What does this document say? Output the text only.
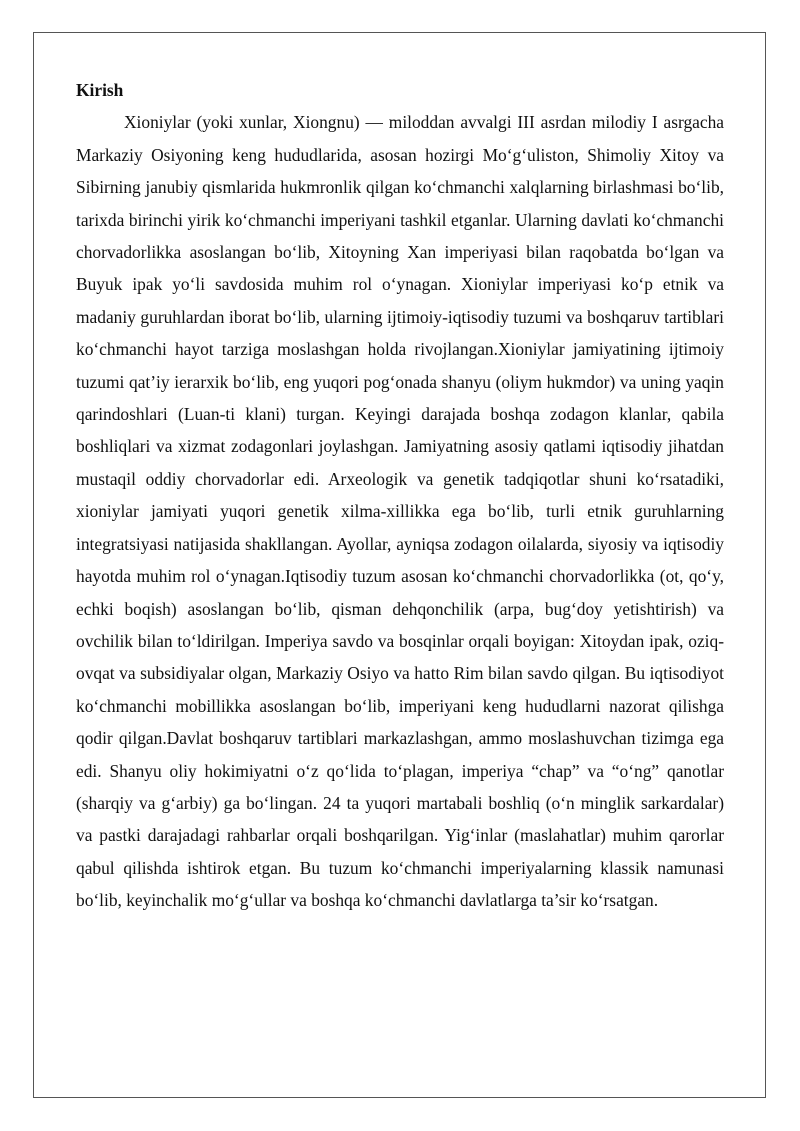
Kirish

Xioniylar (yoki xunlar, Xiongnu) — miloddan avvalgi III asrdan milodiy I asrgacha Markaziy Osiyoning keng hududlarida, asosan hozirgi Mo‘g‘uliston, Shimoliy Xitoy va Sibirning janubiy qismlarida hukmronlik qilgan ko‘chmanchi xalqlarning birlashmasi bo‘lib, tarixda birinchi yirik ko‘chmanchi imperiyani tashkil etganlar. Ularning davlati ko‘chmanchi chorvadorlikka asoslangan bo‘lib, Xitoyning Xan imperiyasi bilan raqobatda bo‘lgan va Buyuk ipak yo‘li savdosida muhim rol o‘ynagan. Xioniylar imperiyasi ko‘p etnik va madaniy guruhlardan iborat bo‘lib, ularning ijtimoiy-iqtisodiy tuzumi va boshqaruv tartiblari ko‘chmanchi hayot tarziga moslashgan holda rivojlangan.Xioniylar jamiyatining ijtimoiy tuzumi qat’iy ierarxik bo‘lib, eng yuqori pog‘onada shanyu (oliym hukmdor) va uning yaqin qarindoshlari (Luan-ti klani) turgan. Keyingi darajada boshqa zodagon klanlar, qabila boshliqlari va xizmat zodagonlari joylashgan. Jamiyatning asosiy qatlami iqtisodiy jihatdan mustaqil oddiy chorvadorlar edi. Arxeologik va genetik tadqiqotlar shuni ko‘rsatadiki, xioniylar jamiyati yuqori genetik xilma-xillikka ega bo‘lib, turli etnik guruhlarning integratsiyasi natijasida shakllangan. Ayollar, ayniqsa zodagon oilalarda, siyosiy va iqtisodiy hayotda muhim rol o‘ynagan.Iqtisodiy tuzum asosan ko‘chmanchi chorvadorlikka (ot, qo‘y, echki boqish) asoslangan bo‘lib, qisman dehqonchilik (arpa, bug‘doy yetishtirish) va ovchilik bilan to‘ldirilgan. Imperiya savdo va bosqinlar orqali boyigan: Xitoydan ipak, oziq-ovqat va subsidiyalar olgan, Markaziy Osiyo va hatto Rim bilan savdo qilgan. Bu iqtisodiyot ko‘chmanchi mobillikka asoslangan bo‘lib, imperiyani keng hududlarni nazorat qilishga qodir qilgan.Davlat boshqaruv tartiblari markazlashgan, ammo moslashuvchan tizimga ega edi. Shanyu oliy hokimiyatni o‘z qo‘lida to‘plagan, imperiya “chap” va “o‘ng” qanotlar (sharqiy va g‘arbiy) ga bo‘lingan. 24 ta yuqori martabali boshliq (o‘n minglik sarkardalar) va pastki darajadagi rahbarlar orqali boshqarilgan. Yig‘inlar (maslahatlar) muhim qarorlar qabul qilishda ishtirok etgan. Bu tuzum ko‘chmanchi imperiyalarning klassik namunasi bo‘lib, keyinchalik mo‘g‘ullar va boshqa ko‘chmanchi davlatlarga ta’sir ko‘rsatgan.
